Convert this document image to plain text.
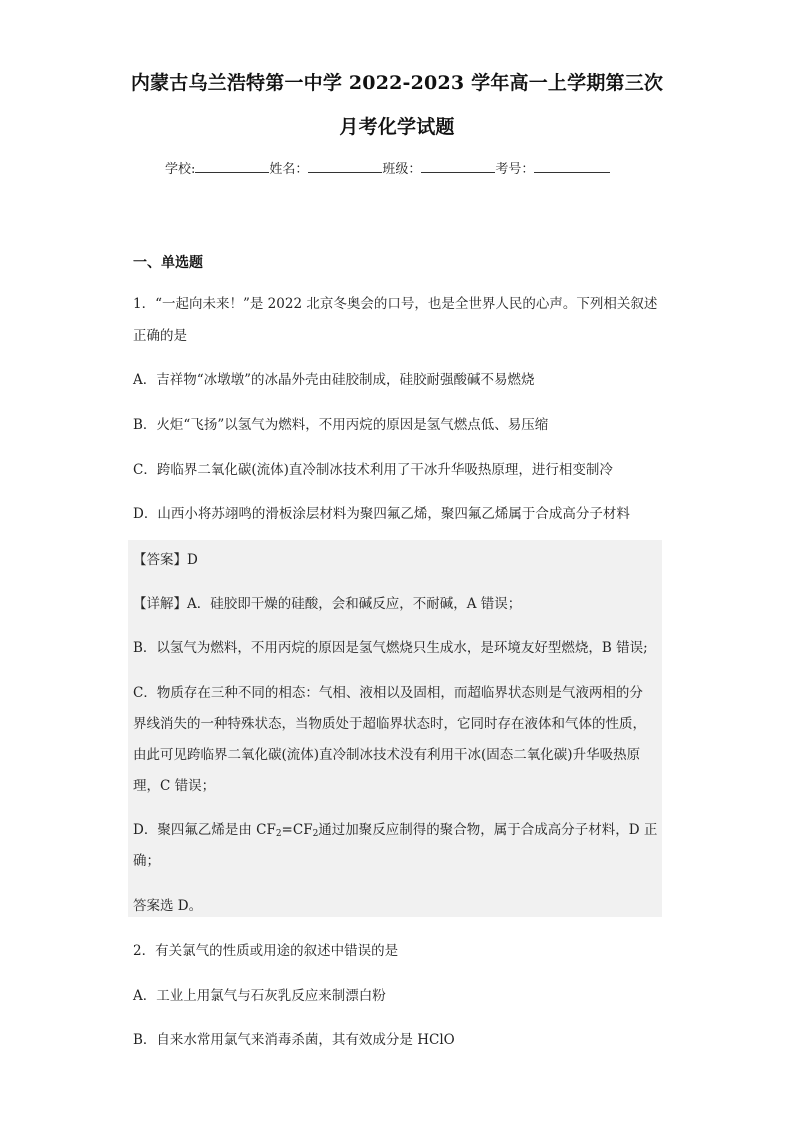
内蒙古乌兰浩特第一中学 2022-2023 学年高一上学期第三次
月考化学试题
学校:	姓名：	班级：	考号：
一、单选题
1．“一起向未来！”是 2022 北京冬奥会的口号，也是全世界人民的心声。下列相关叙述
正确的是
A．吉祥物“冰墩墩”的冰晶外壳由硅胶制成，硅胶耐强酸碱不易燃烧
B．火炬“飞扬”以氢气为燃料，不用丙烷的原因是氢气燃点低、易压缩
C．跨临界二氧化碳(流体)直冷制冰技术利用了干冰升华吸热原理，进行相变制冷
D．山西小将苏翊鸣的滑板涂层材料为聚四氟乙烯，聚四氟乙烯属于合成高分子材料
【答案】D
【详解】A．硅胶即干燥的硅酸，会和碱反应，不耐碱，A 错误；
B．以氢气为燃料，不用丙烷的原因是氢气燃烧只生成水，是环境友好型燃烧，B 错误;
C．物质存在三种不同的相态：气相、液相以及固相，而超临界状态则是气液两相的分
界线消失的一种特殊状态，当物质处于超临界状态时，它同时存在液体和气体的性质，
由此可见跨临界二氧化碳(流体)直冷制冰技术没有利用干冰(固态二氧化碳)升华吸热原
理，C 错误；
D．聚四氟乙烯是由 $CF_2=CF_2$通过加聚反应制得的聚合物，属于合成高分子材料，D 正
确；
答案选 D。
2．有关氯气的性质或用途的叙述中错误的是
A．工业上用氯气与石灰乳反应来制漂白粉
B．自来水常用氯气来消毒杀菌，其有效成分是 HClO
